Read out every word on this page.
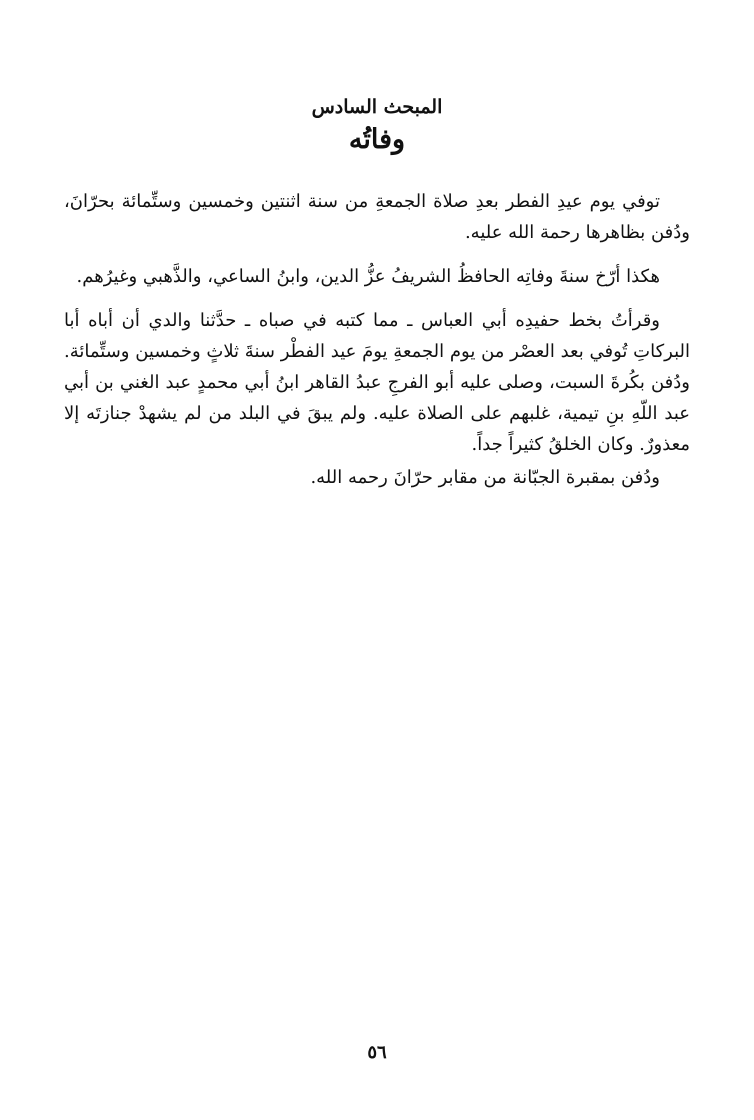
المبحث السادس
وفاتُه

توفي يوم عيدِ الفطر بعدِ صلاة الجمعةِ من سنة اثنتين وخمسين وستِّمائة بحرّانَ، ودُفن بظاهرها رحمة الله عليه.

هكذا أرّخ سنةَ وفاتِه الحافظُ الشريفُ عزُّ الدين، وابنُ الساعي، والذَّهبي وغيرُهم.

وقرأتُ بخط حفيدِه أبي العباس ـ مما كتبه في صباه ـ حدَّثنا والدي أن أباه أبا البركاتِ تُوفي بعد العصْر من يوم الجمعةِ يومَ عيد الفطْر سنةَ ثلاثٍ وخمسين وستِّمائة. ودُفن بكُرةَ السبت، وصلى عليه أبو الفرجِ عبدُ القاهر ابنُ أبي محمدٍ عبد الغني بن أبي عبد اللّهِ بنِ تيمية، غلبهم على الصلاة عليه. ولم يبقَ في البلد من لم يشهدْ جنازتَه إلا معذورٌ. وكان الخلقُ كثيراً جداً.

ودُفن بمقبرة الجبّانة من مقابر حرّانَ رحمه الله.

٥٦
